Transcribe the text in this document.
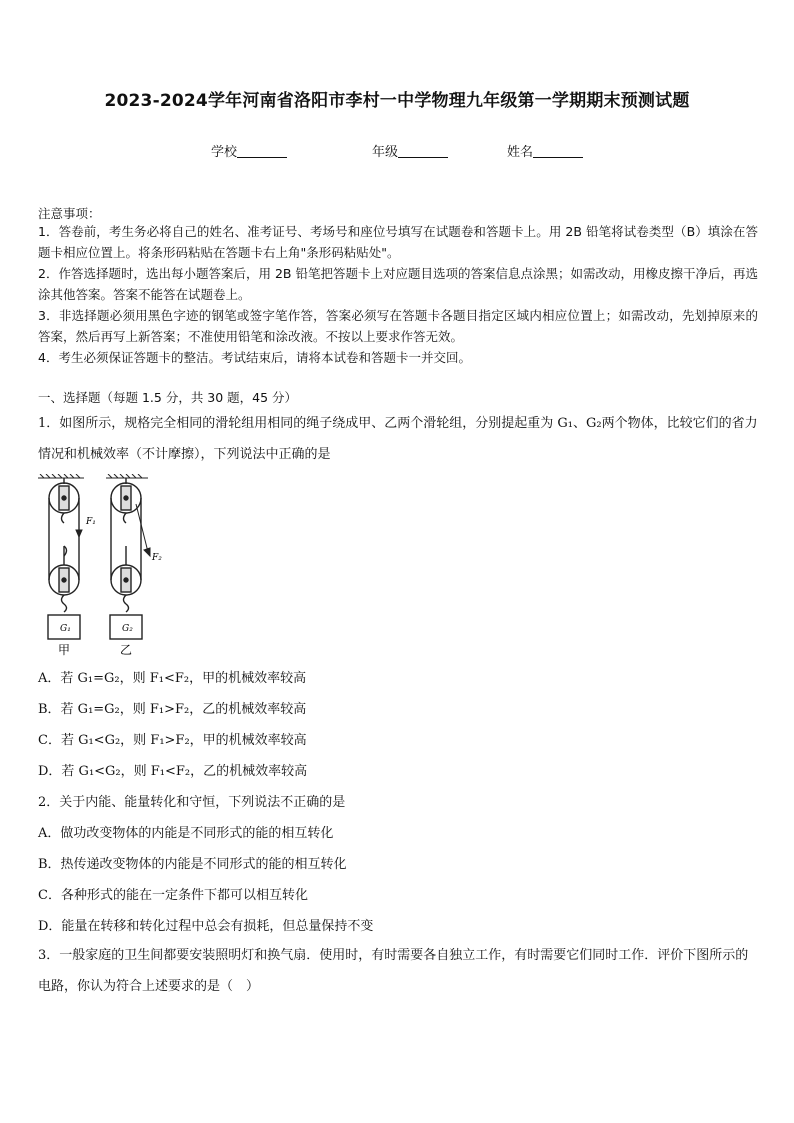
2023-2024学年河南省洛阳市李村一中学物理九年级第一学期期末预测试题
学校	年级	姓名
注意事项：
1．答卷前，考生务必将自己的姓名、准考证号、考场号和座位号填写在试题卷和答题卡上。用 2B 铅笔将试卷类型（B）填涂在答题卡相应位置上。将条形码粘贴在答题卡右上角"条形码粘贴处"。
2．作答选择题时，选出每小题答案后，用 2B 铅笔把答题卡上对应题目选项的答案信息点涂黑；如需改动，用橡皮擦干净后，再选涂其他答案。答案不能答在试题卷上。
3．非选择题必须用黑色字迹的钢笔或签字笔作答，答案必须写在答题卡各题目指定区域内相应位置上；如需改动，先划掉原来的答案，然后再写上新答案；不准使用铅笔和涂改液。不按以上要求作答无效。
4．考生必须保证答题卡的整洁。考试结束后，请将本试卷和答题卡一并交回。
一、选择题（每题 1.5 分，共 30 题，45 分）
1．如图所示，规格完全相同的滑轮组用相同的绳子绕成甲、乙两个滑轮组，分别提起重为 G₁、G₂两个物体，比较它们的省力情况和机械效率（不计摩擦），下列说法中正确的是
F₁
F₂
G₁	G₂
甲	乙
A．若 G₁=G₂，则 F₁<F₂，甲的机械效率较高
B．若 G₁=G₂，则 F₁>F₂，乙的机械效率较高
C．若 G₁<G₂，则 F₁>F₂，甲的机械效率较高
D．若 G₁<G₂，则 F₁<F₂，乙的机械效率较高
2．关于内能、能量转化和守恒，下列说法不正确的是
A．做功改变物体的内能是不同形式的能的相互转化
B．热传递改变物体的内能是不同形式的能的相互转化
C．各种形式的能在一定条件下都可以相互转化
D．能量在转移和转化过程中总会有损耗，但总量保持不变
3．一般家庭的卫生间都要安装照明灯和换气扇．使用时，有时需要各自独立工作，有时需要它们同时工作．评价下图所示的电路，你认为符合上述要求的是（　）
